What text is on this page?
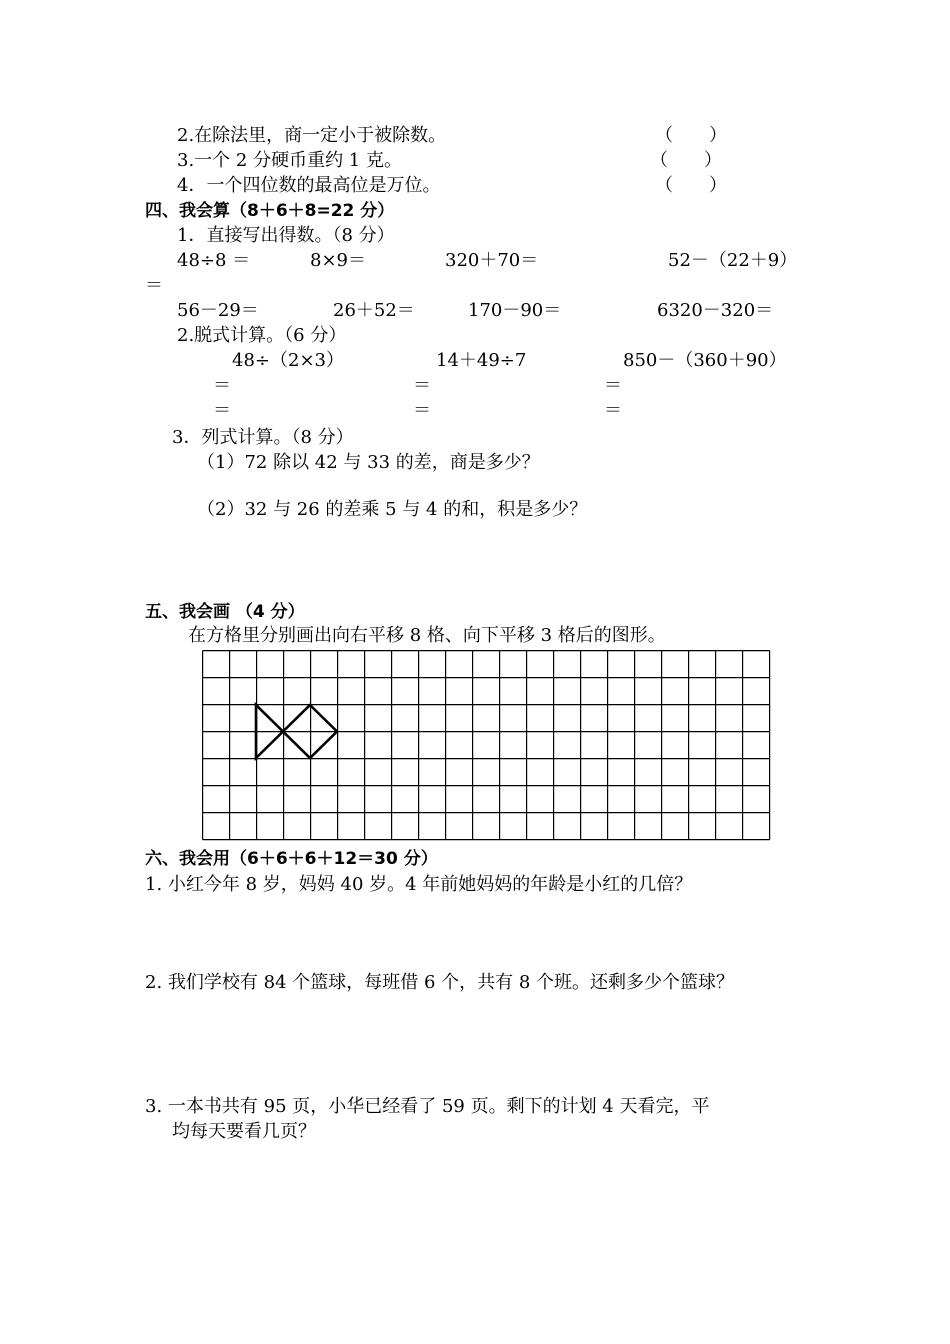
2.在除法里，商一定小于被除数。	（　　）
3.一个 2 分硬币重约 1 克。	（　　）
4．一个四位数的最高位是万位。	（　　）
四、我会算（8＋6＋8=22 分）
1．直接写出得数。（8 分）
48÷8 ＝	8×9＝	320＋70＝	52－（22＋9）
＝
56－29＝	26＋52＝	170－90＝	6320－320＝
2.脱式计算。（6 分）
48÷（2×3）	14＋49÷7	850－（360＋90）
＝	＝	＝
＝	＝	＝
3．列式计算。（8 分）
（1）72 除以 42 与 33 的差，商是多少？
（2）32 与 26 的差乘 5 与 4 的和，积是多少？
五、我会画 （4 分）
在方格里分别画出向右平移 8 格、向下平移 3 格后的图形。
六、我会用（6＋6＋6＋12＝30 分）
1. 小红今年 8 岁，妈妈 40 岁。4 年前她妈妈的年龄是小红的几倍？
2. 我们学校有 84 个篮球，每班借 6 个，共有 8 个班。还剩多少个篮球？
3. 一本书共有 95 页，小华已经看了 59 页。剩下的计划 4 天看完，平
均每天要看几页？
